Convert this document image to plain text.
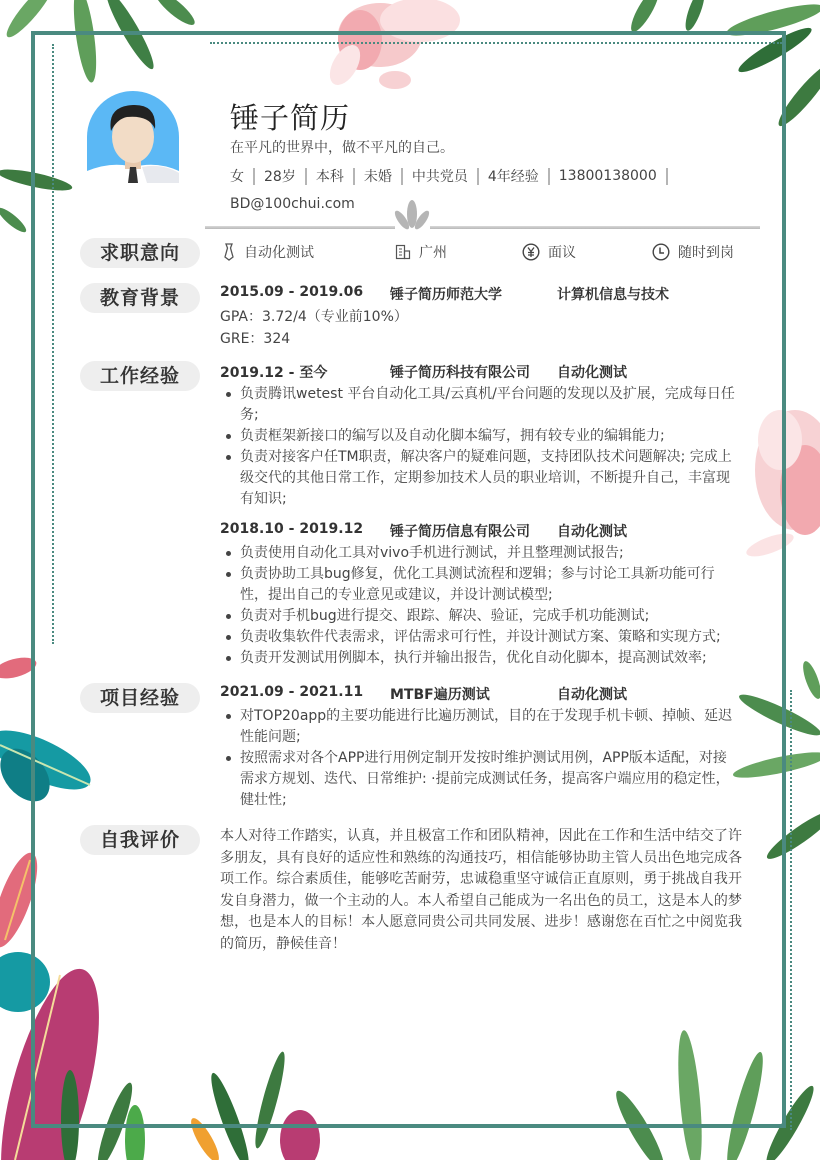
锤子简历
在平凡的世界中，做不平凡的自己。
女 28岁 本科 未婚 中共党员 4年经验 13800138000
BD@100chui.com
求职意向	自动化测试	广州	面议	随时到岗
教育背景	2015.09 - 2019.06 锤子简历师范大学	计算机信息与技术
GPA：3.72/4（专业前10%）
GRE：324
工作经验	2019.12 - 至今	锤子简历科技有限公司 自动化测试
负责腾讯wetest 平台自动化工具/云真机/平台问题的发现以及扩展，完成每日任务;
负责框架新接口的编写以及自动化脚本编写，拥有较专业的编辑能力;
负责对接客户任TM职责，解决客户的疑难问题，支持团队技术问题解决; 完成上级交代的其他日常工作，定期参加技术人员的职业培训，不断提升自己，丰富现有知识;
2018.10 - 2019.12 锤子简历信息有限公司 自动化测试
负责使用自动化工具对vivo手机进行测试，并且整理测试报告;
负责协助工具bug修复，优化工具测试流程和逻辑；参与讨论工具新功能可行性，提出自己的专业意见或建议，并设计测试模型;
负责对手机bug进行提交、跟踪、解决、验证，完成手机功能测试;
负责收集软件代表需求，评估需求可行性，并设计测试方案、策略和实现方式;
负责开发测试用例脚本，执行并输出报告，优化自动化脚本，提高测试效率;
项目经验	2021.09 - 2021.11 MTBF遍历测试	自动化测试
对TOP20app的主要功能进行比遍历测试，目的在于发现手机卡顿、掉帧、延迟性能问题;
按照需求对各个APP进行用例定制开发按时维护测试用例，APP版本适配，对接需求方规划、迭代、日常维护: ·提前完成测试任务，提高客户端应用的稳定性，健壮性;
自我评价	本人对待工作踏实，认真，并且极富工作和团队精神，因此在工作和生活中结交了许多朋友，具有良好的适应性和熟练的沟通技巧，相信能够协助主管人员出色地完成各项工作。综合素质佳，能够吃苦耐劳，忠诚稳重坚守诚信正直原则，勇于挑战自我开发自身潜力，做一个主动的人。本人希望自己能成为一名出色的员工，这是本人的梦想，也是本人的目标！本人愿意同贵公司共同发展、进步！感谢您在百忙之中阅览我的简历，静候佳音！
